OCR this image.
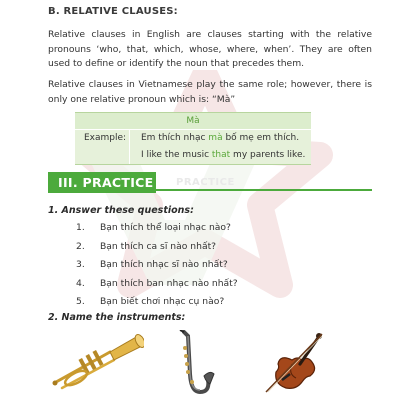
B. RELATIVE CLAUSES:
Relative clauses in English are clauses starting with the relative pronouns ‘who, that, which, whose, where, when’. They are often used to define or identify the noun that precedes them.
Relative clauses in Vietnamese play the same role; however, there is only one relative pronoun which is: “Mà”
Mà
Example: Em thích nhạc mà bố mẹ em thích.
I like the music that my parents like.
PRACTICE
III. PRACTICE
1. Answer these questions:
1.	Bạn thích thể loại nhạc nào?
2.	Bạn thích ca sĩ nào nhất?
3.	Bạn thích nhạc sĩ nào nhất?
4.	Bạn thích ban nhạc nào nhất?
5.	Bạn biết chơi nhạc cụ nào?
2. Name the instruments:
